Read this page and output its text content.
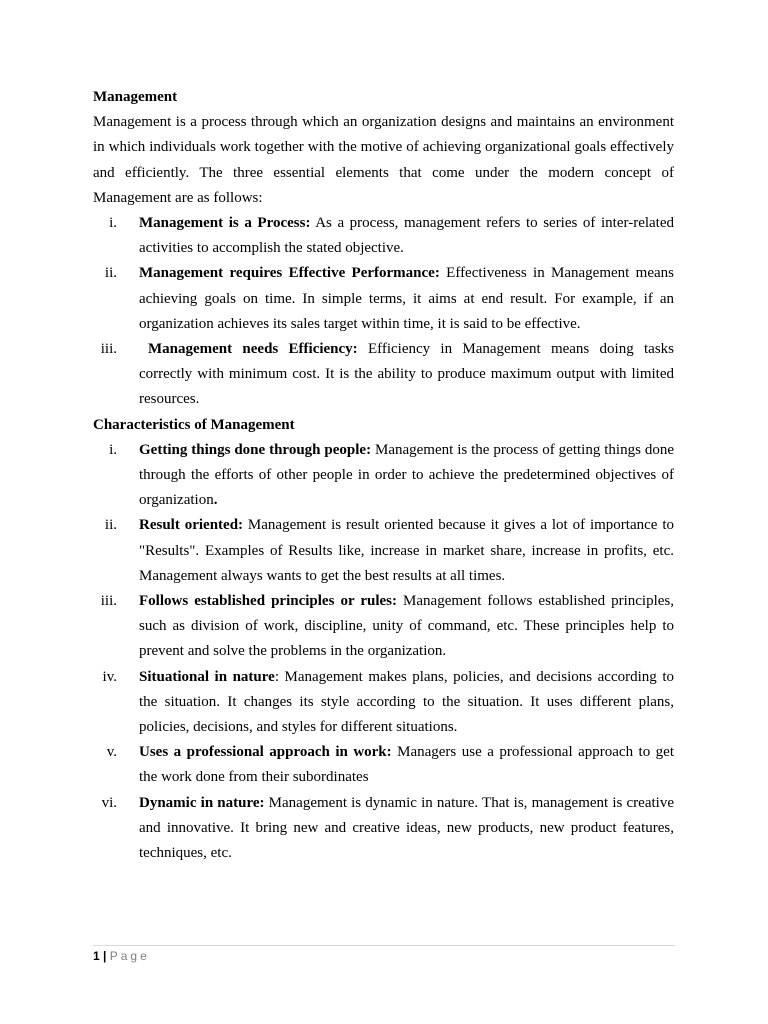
Management

Management is a process through which an organization designs and maintains an environment in which individuals work together with the motive of achieving organizational goals effectively and efficiently. The three essential elements that come under the modern concept of Management are as follows:

i. Management is a Process: As a process, management refers to series of inter-related activities to accomplish the stated objective.
ii. Management requires Effective Performance: Effectiveness in Management means achieving goals on time. In simple terms, it aims at end result. For example, if an organization achieves its sales target within time, it is said to be effective.
iii.	Management needs Efficiency: Efficiency in Management means doing tasks correctly with minimum cost. It is the ability to produce maximum output with limited resources.

Characteristics of Management

i. Getting things done through people: Management is the process of getting things done through the efforts of other people in order to achieve the predetermined objectives of organization.
ii. Result oriented: Management is result oriented because it gives a lot of importance to "Results". Examples of Results like, increase in market share, increase in profits, etc. Management always wants to get the best results at all times.
iii. Follows established principles or rules: Management follows established principles, such as division of work, discipline, unity of command, etc. These principles help to prevent and solve the problems in the organization.
iv. Situational in nature: Management makes plans, policies, and decisions according to the situation. It changes its style according to the situation. It uses different plans, policies, decisions, and styles for different situations.
v. Uses a professional approach in work: Managers use a professional approach to get the work done from their subordinates
vi. Dynamic in nature: Management is dynamic in nature. That is, management is creative and innovative. It bring new and creative ideas, new products, new product features, techniques, etc.
1 | Page
